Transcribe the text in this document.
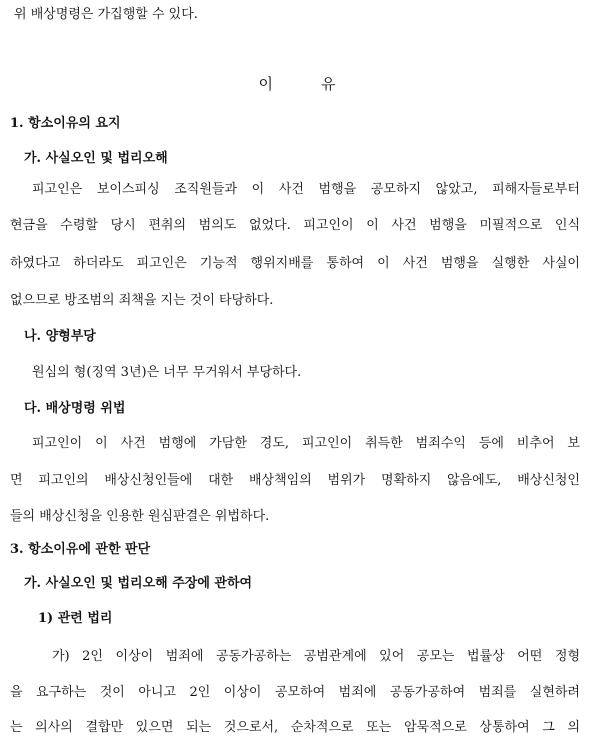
위 배상명령은 가집행할 수 있다.

이	유

1. 항소이유의 요지

가. 사실오인 및 법리오해

피고인은 보이스피싱 조직원들과 이 사건 범행을 공모하지 않았고, 피해자들로부터

현금을 수령할 당시 편취의 범의도 없었다. 피고인이 이 사건 범행을 미필적으로 인식

하였다고 하더라도 피고인은 기능적 행위지배를 통하여 이 사건 범행을 실행한 사실이

없으므로 방조범의 죄책을 지는 것이 타당하다.

나. 양형부당

원심의 형(징역 3년)은 너무 무거워서 부당하다.

다. 배상명령 위법

피고인이 이 사건 범행에 가담한 경도, 피고인이 취득한 범죄수익 등에 비추어 보

면 피고인의 배상신청인들에 대한 배상책임의 범위가 명확하지 않음에도, 배상신청인

들의 배상신청을 인용한 원심판결은 위법하다.

3. 항소이유에 관한 판단

가. 사실오인 및 법리오해 주장에 관하여

1) 관련 법리

가) 2인 이상이 범죄에 공동가공하는 공범관계에 있어 공모는 법률상 어떤 정형

을 요구하는 것이 아니고 2인 이상이 공모하여 범죄에 공동가공하여 범죄를 실현하려

는 의사의 결합만 있으면 되는 것으로서, 순차적으로 또는 암묵적으로 상통하여 그 의
